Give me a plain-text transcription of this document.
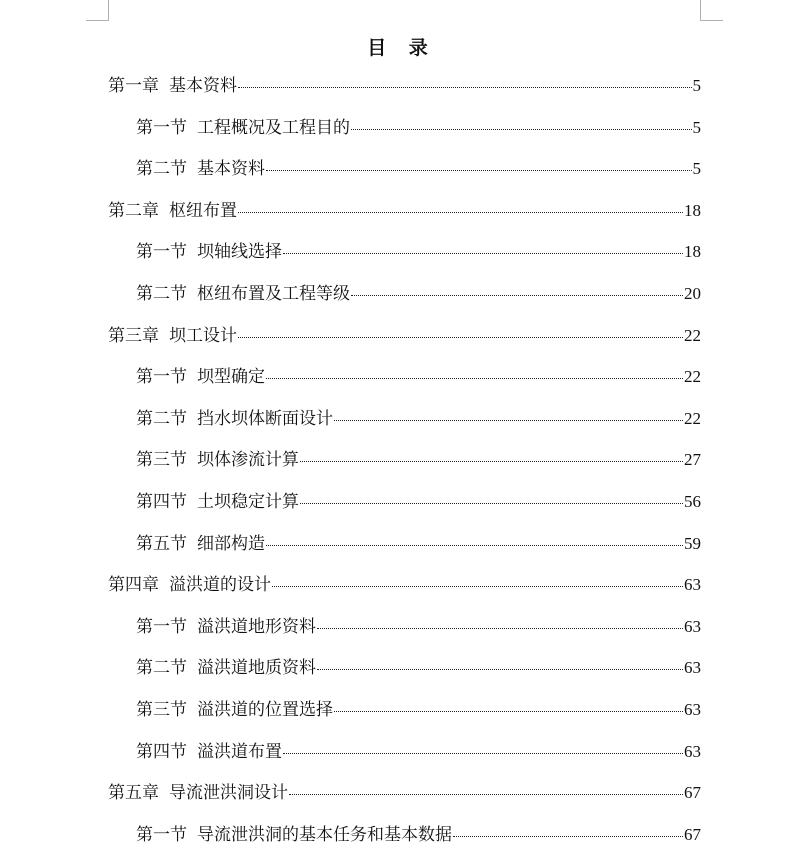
目 录
第一章 基本资料	5
第一节 工程概况及工程目的	5
第二节 基本资料	5
第二章 枢纽布置	18
第一节 坝轴线选择	18
第二节 枢纽布置及工程等级	20
第三章 坝工设计	22
第一节 坝型确定	22
第二节 挡水坝体断面设计	22
第三节 坝体渗流计算	27
第四节 土坝稳定计算	56
第五节 细部构造	59
第四章 溢洪道的设计	63
第一节 溢洪道地形资料	63
第二节 溢洪道地质资料	63
第三节 溢洪道的位置选择	63
第四节 溢洪道布置	63
第五章 导流泄洪洞设计	67
第一节 导流泄洪洞的基本任务和基本数据	67
